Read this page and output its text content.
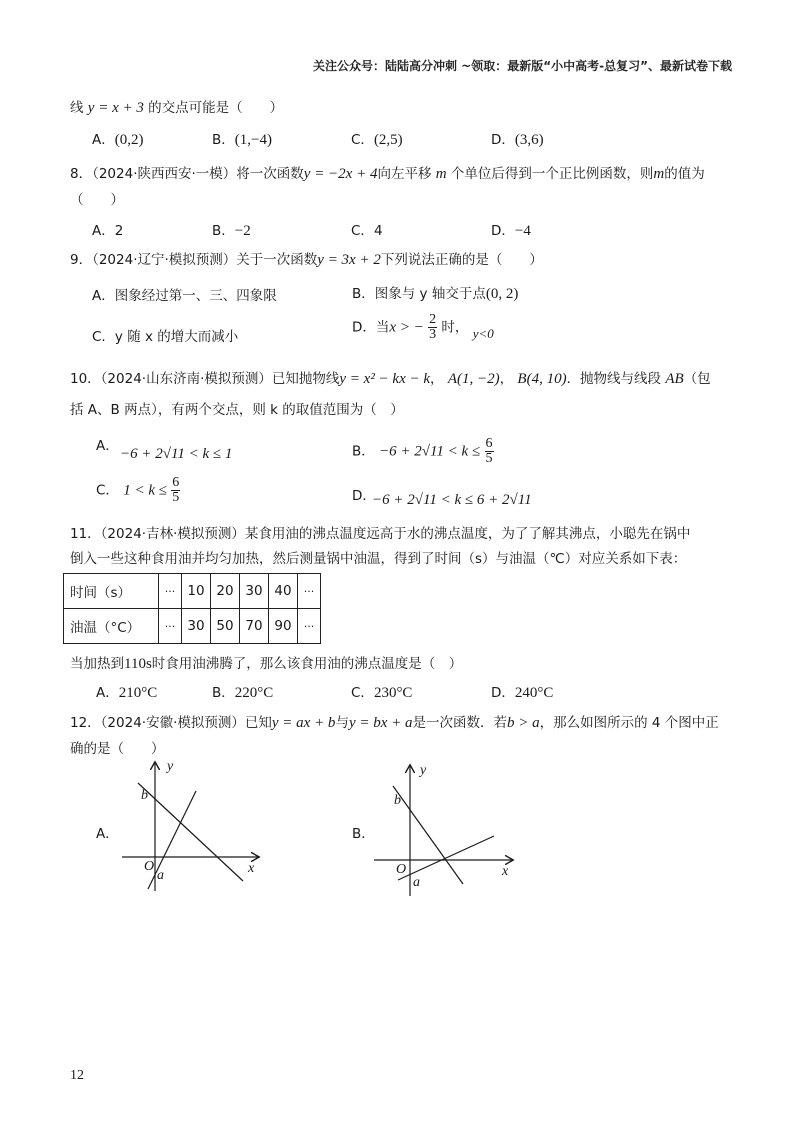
关注公众号：陆陆高分冲刺 ~领取：最新版“小中高考-总复习”、最新试卷下载
线 y = x + 3 的交点可能是（　　）
A．(0,2)	B．(1,−4)	C．(2,5)	D．(3,6)
8．（2024·陕西西安·一模）将一次函数y = −2x + 4向左平移 m 个单位后得到一个正比例函数，则m的值为
（　　）
A．2	B．−2	C．4	D．−4
9．（2024·辽宁·模拟预测）关于一次函数y = 3x + 2下列说法正确的是（　　）
A．图象经过第一、三、四象限	B．图象与 y 轴交于点(0, 2)
C．y 随 x 的增大而减小
D．当x > − $\frac{2}{3}$ 时， y<0
10．（2024·山东济南·模拟预测）已知抛物线y = x² − kx − k， A(1, −2)， B(4, 10)．抛物线与线段 AB（包
括 A、B 两点），有两个交点，则 k 的取值范围为（　）
A． −6 + 2√11 < k ≤ 1	B． $-6 + 2√11 < k \le \frac{6}{5}$
C． $1 < k \le \frac{6}{5}$	D．
−6 + 2√11 < k ≤ 6 + 2√11
11．（2024·吉林·模拟预测）某食用油的沸点温度远高于水的沸点温度，为了了解其沸点，小聪先在锅中
倒入一些这种食用油并均匀加热，然后测量锅中油温，得到了时间（s）与油温（℃）对应关系如下表：
时间（s）	···	10	20	30	40	···
油温（°C）	···	30	50	70	90	···
当加热到110s时食用油沸腾了，那么该食用油的沸点温度是（　）
A．210°C	B．220°C	C．230°C	D．240°C
12．（2024·安徽·模拟预测）已知y = ax + b与y = bx + a是一次函数．若b > a，那么如图所示的 4 个图中正
确的是（　　）
A．
y
x
O
b
a
B．
y
x
O
b
a
12
